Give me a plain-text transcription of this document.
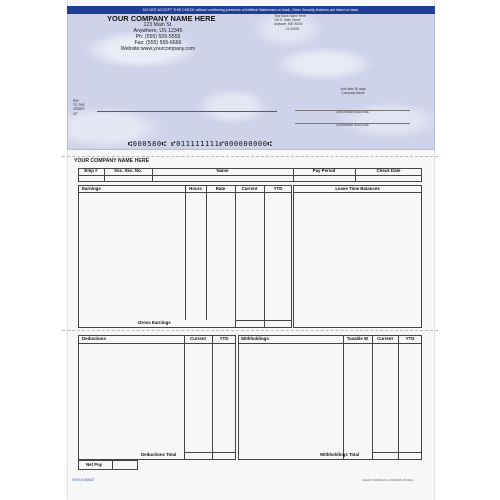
DO NOT ACCEPT THIS CHECK without confirming presence of Artificial Watermark on back. Other Security features are listed on back.
YOUR COMPANY NAME HERE
123 Main St.
Anywhere, US 12345
Ph: (555) 555-5555
Fax: (555) 555-6666
Website:www.yourcompany.com
Your Bank Name Here
100 E. Main Street
Anytown, ME 00000
11-00000
PAY
TO THE
ORDER
OF
Void after 90 days
Company Name
AUTHORIZED SIGNATURE
AUTHORIZED SIGNATURE
⑆000580⑆ ⑈011111111⑈000000000⑆
YOUR COMPANY NAME HERE
Emp #	Soc. Sec. No.	Name	Pay Period	Check Date
Earnings	Hours	Rate	Current	YTD
Gross Earnings
Leave Time Balances
Deductions	Current	YTD
Deductions Total
Withholdings	Taxable W	Current	YTD
Withholdings Total
Net Pay
ITEM # 80537	CHECK SAMPLES (L1060AMB) 8131121
